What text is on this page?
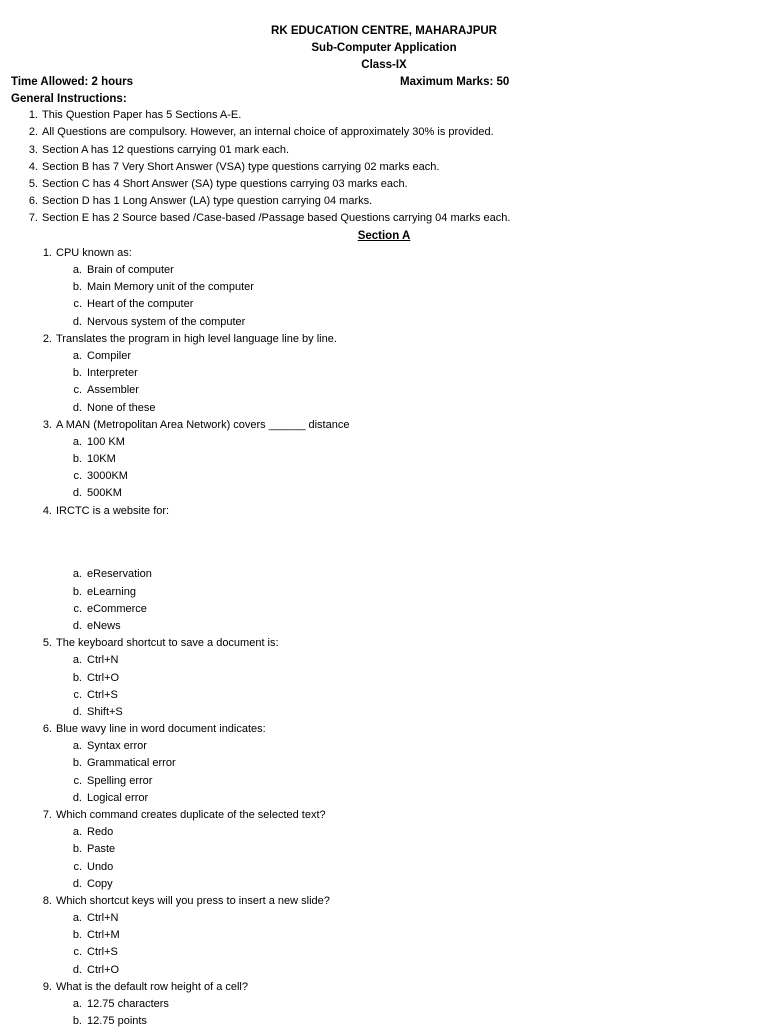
RK EDUCATION CENTRE, MAHARAJPUR
Sub-Computer Application
Class-IX
Time Allowed: 2 hours	Maximum Marks: 50
General Instructions:
1. This Question Paper has 5 Sections A-E.
2. All Questions are compulsory. However, an internal choice of approximately 30% is provided.
3. Section A has 12 questions carrying 01 mark each.
4. Section B has 7 Very Short Answer (VSA) type questions carrying 02 marks each.
5. Section C has 4 Short Answer (SA) type questions carrying 03 marks each.
6. Section D has 1 Long Answer (LA) type question carrying 04 marks.
7. Section E has 2 Source based /Case-based /Passage based Questions carrying 04 marks each.
Section A
1. CPU known as:
a. Brain of computer
b. Main Memory unit of the computer
c. Heart of the computer
d. Nervous system of the computer
2. Translates the program in high level language line by line.
a. Compiler
b. Interpreter
c. Assembler
d. None of these
3. A MAN (Metropolitan Area Network) covers ______ distance
a. 100 KM
b. 10KM
c. 3000KM
d. 500KM
4. IRCTC is a website for:
a. eReservation
b. eLearning
c. eCommerce
d. eNews
5. The keyboard shortcut to save a document is:
a. Ctrl+N
b. Ctrl+O
c. Ctrl+S
d. Shift+S
6. Blue wavy line in word document indicates:
a. Syntax error
b. Grammatical error
c. Spelling error
d. Logical error
7. Which command creates duplicate of the selected text?
a. Redo
b. Paste
c. Undo
d. Copy
8. Which shortcut keys will you press to insert a new slide?
a. Ctrl+N
b. Ctrl+M
c. Ctrl+S
d. Ctrl+O
9. What is the default row height of a cell?
a. 12.75 characters
b. 12.75 points
